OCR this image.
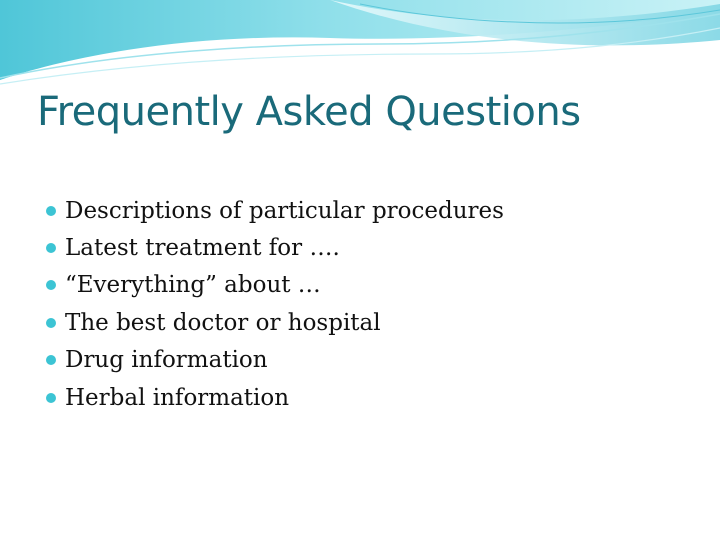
Frequently Asked Questions
Descriptions of particular procedures
Latest treatment for ….
“Everything” about …
The best doctor or hospital
Drug information
Herbal information
